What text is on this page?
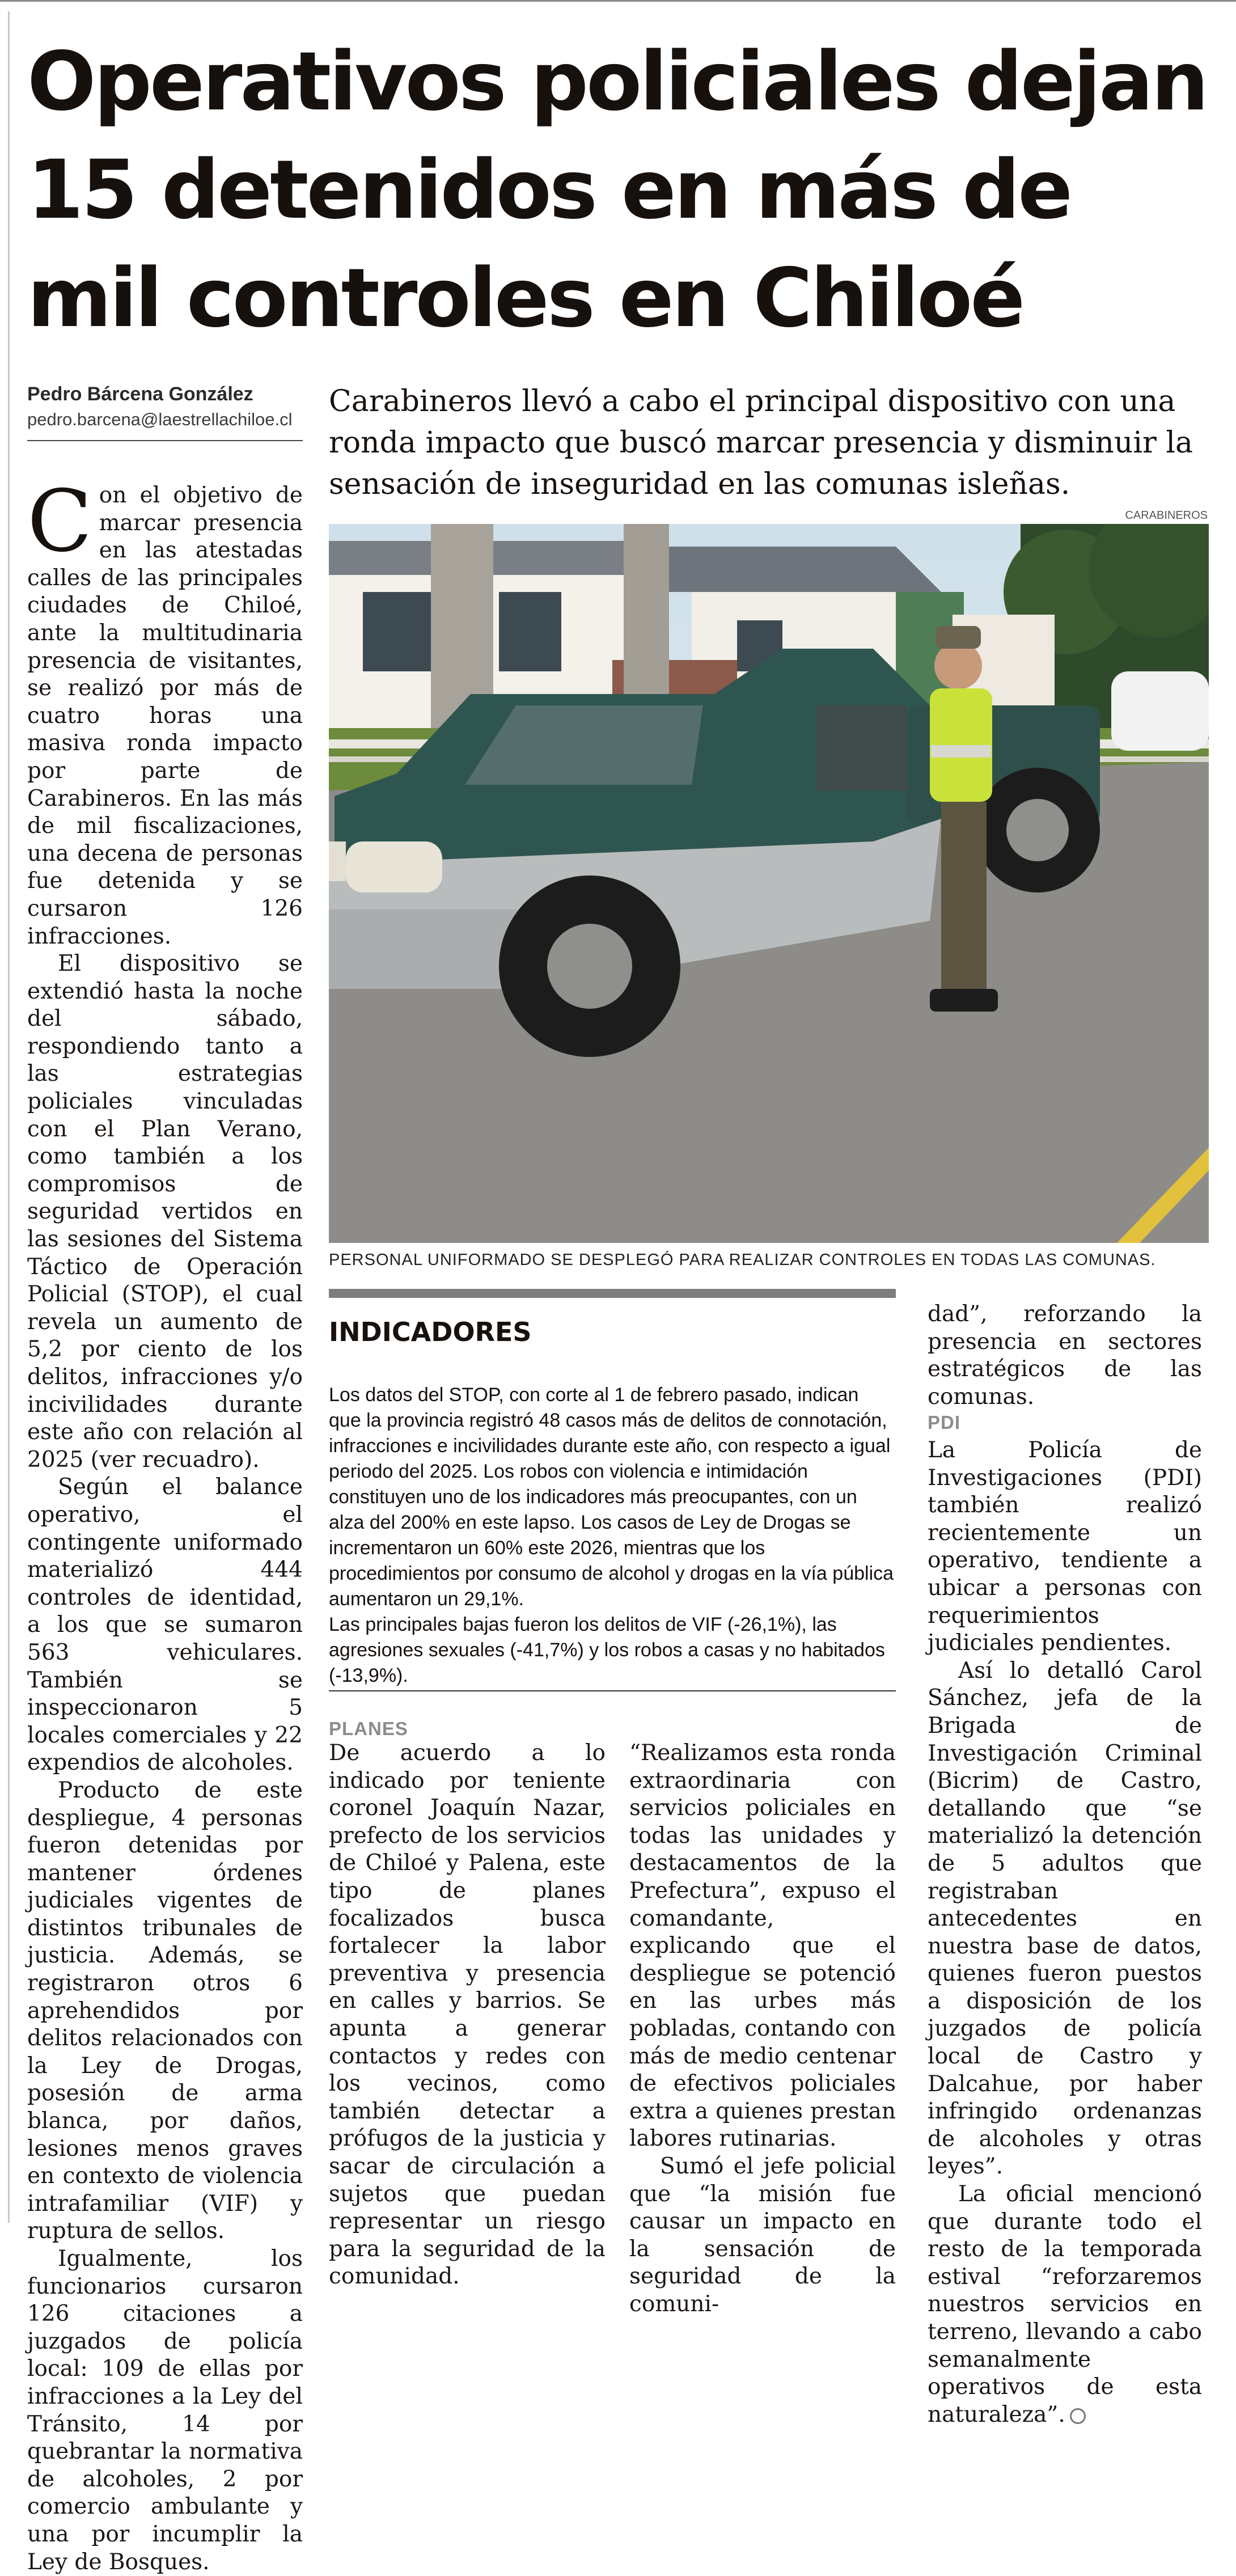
Operativos policiales dejan 15 detenidos en más de mil controles en Chiloé
Pedro Bárcena González
pedro.barcena@laestrellachiloe.cl
Carabineros llevó a cabo el principal dispositivo con una ronda impacto que buscó marcar presencia y disminuir la sensación de inseguridad en las comunas isleñas.
CARABINEROS
PERSONAL UNIFORMADO SE DESPLEGÓ PARA REALIZAR CONTROLES EN TODAS LAS COMUNAS.

Con el objetivo de marcar presencia en las atestadas calles de las principales ciudades de Chiloé, ante la multitudinaria presencia de visitantes, se realizó por más de cuatro horas una masiva ronda impacto por parte de Carabineros. En las más de mil fiscalizaciones, una decena de personas fue detenida y se cursaron 126 infracciones.

El dispositivo se extendió hasta la noche del sábado, respondiendo tanto a las estrategias policiales vinculadas con el Plan Verano, como también a los compromisos de seguridad vertidos en las sesiones del Sistema Táctico de Operación Policial (STOP), el cual revela un aumento de 5,2 por ciento de los delitos, infracciones y/o incivilidades durante este año con relación al 2025 (ver recuadro).

Según el balance operativo, el contingente uniformado materializó 444 controles de identidad, a los que se sumaron 563 vehiculares. También se inspeccionaron 5 locales comerciales y 22 expendios de alcoholes.

Producto de este despliegue, 4 personas fueron detenidas por mantener órdenes judiciales vigentes de distintos tribunales de justicia. Además, se registraron otros 6 aprehendidos por delitos relacionados con la Ley de Drogas, posesión de arma blanca, por daños, lesiones menos graves en contexto de violencia intrafamiliar (VIF) y ruptura de sellos.

Igualmente, los funcionarios cursaron 126 citaciones a juzgados de policía local: 109 de ellas por infracciones a la Ley del Tránsito, 14 por quebrantar la normativa de alcoholes, 2 por comercio ambulante y una por incumplir la Ley de Bosques.

INDICADORES

Los datos del STOP, con corte al 1 de febrero pasado, indican que la provincia registró 48 casos más de delitos de connotación, infracciones e incivilidades durante este año, con respecto a igual periodo del 2025. Los robos con violencia e intimidación constituyen uno de los indicadores más preocupantes, con un alza del 200% en este lapso. Los casos de Ley de Drogas se incrementaron un 60% este 2026, mientras que los procedimientos por consumo de alcohol y drogas en la vía pública aumentaron un 29,1%.

Las principales bajas fueron los delitos de VIF (-26,1%), las agresiones sexuales (-41,7%) y los robos a casas y no habitados (-13,9%).

PLANES

De acuerdo a lo indicado por teniente coronel Joaquín Nazar, prefecto de los servicios de Chiloé y Palena, este tipo de planes focalizados busca fortalecer la labor preventiva y presencia en calles y barrios. Se apunta a generar contactos y redes con los vecinos, como también detectar a prófugos de la justicia y sacar de circulación a sujetos que puedan representar un riesgo para la seguridad de la comunidad.

“Realizamos esta ronda extraordinaria con servicios policiales en todas las unidades y destacamentos de la Prefectura”, expuso el comandante, explicando que el despliegue se potenció en las urbes más pobladas, contando con más de medio centenar de efectivos policiales extra a quienes prestan labores rutinarias.

Sumó el jefe policial que “la misión fue causar un impacto en la sensación de seguridad de la comuni-

dad”, reforzando la presencia en sectores estratégicos de las comunas.

PDI

La Policía de Investigaciones (PDI) también realizó recientemente un operativo, tendiente a ubicar a personas con requerimientos judiciales pendientes.

Así lo detalló Carol Sánchez, jefa de la Brigada de Investigación Criminal (Bicrim) de Castro, detallando que “se materializó la detención de 5 adultos que registraban antecedentes en nuestra base de datos, quienes fueron puestos a disposición de los juzgados de policía local de Castro y Dalcahue, por haber infringido ordenanzas de alcoholes y otras leyes”.

La oficial mencionó que durante todo el resto de la temporada estival “reforzaremos nuestros servicios en terreno, llevando a cabo semanalmente operativos de esta naturaleza”.
